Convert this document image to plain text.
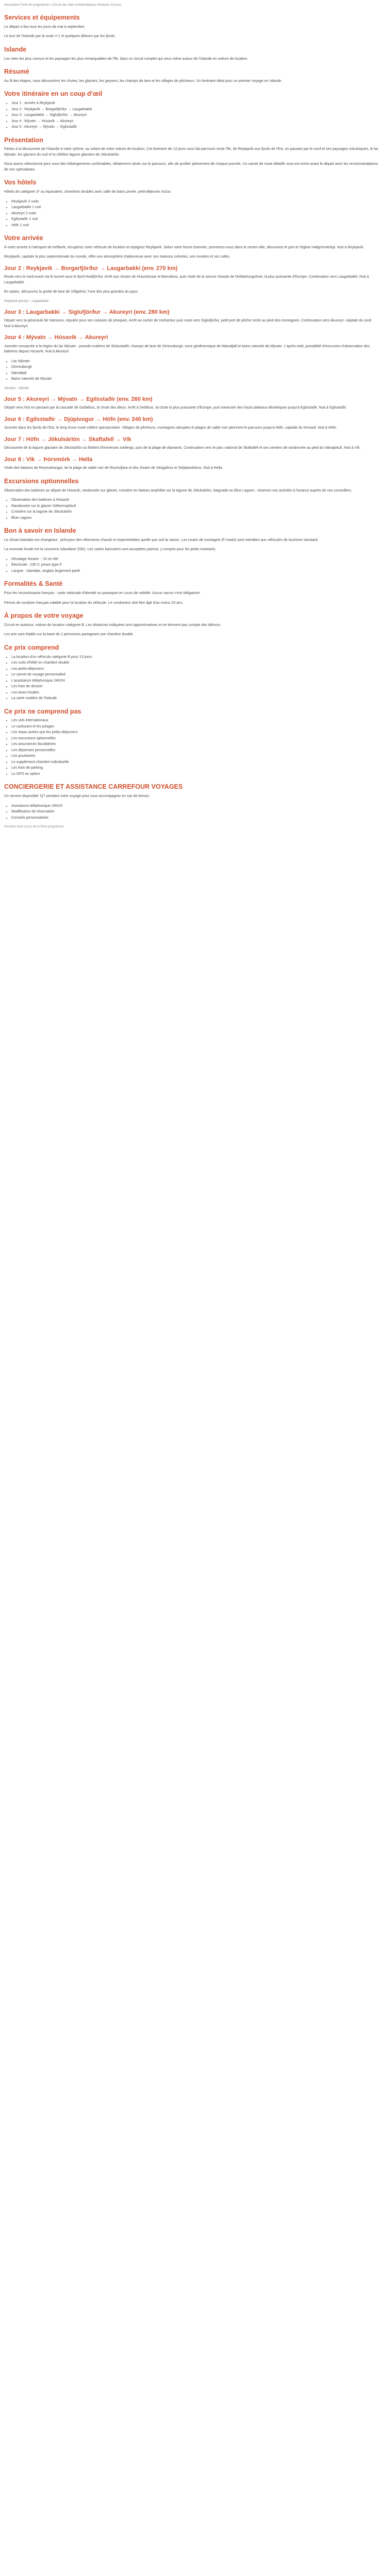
Description Fiche du programme » Circuit des sites emblématiques d'Islande 13 jours
Services et équipements

Le départ a lieu tous les jours de mai à septembre.

Le tour de l'Islande par la route n°1 et quelques détours par les fjords.

Islande

Les sites les plus connus et les paysages les plus remarquables de l'île, dans un circuit complet qui vous mène autour de l'Islande en voiture de location.

Résumé

Au fil des étapes, vous découvrirez les chutes, les glaciers, les geysers, les champs de lave et les villages de pêcheurs. Un itinéraire idéal pour un premier voyage en Islande.

Votre itinéraire en un coup d'œil
• Jour 1 : arrivée à Reykjavík
• Jour 2 : Reykjavík → Borgarfjörður → Laugarbakki
• Jour 3 : Laugarbakki → Siglufjörður → Akureyri
• Jour 4 : Mývatn → Húsavík → Akureyri
• Jour 5 : Akureyri → Mývatn → Egilsstaðir
Présentation

Partez à la découverte de l'Islande à votre rythme, au volant de votre voiture de location. Cet itinéraire de 13 jours vous fait parcourir toute l'île, de Reykjavík aux fjords de l'Est, en passant par le nord et ses paysages volcaniques, le lac Mývatn, les glaciers du sud et la célèbre lagune glaciaire de Jökulsárlón.

Nous avons sélectionné pour vous des hébergements confortables, idéalement situés sur le parcours, afin de profiter pleinement de chaque journée. Un carnet de route détaillé vous est remis avant le départ avec les recommandations de nos spécialistes.

Vos hôtels

Hôtels de catégorie 3* ou équivalent, chambres doubles avec salle de bains privée, petit-déjeuner inclus.

• Reykjavík 2 nuits
• Laugarbakki 1 nuit
• Akureyri 2 nuits
• Egilsstaðir 1 nuit
• Höfn 1 nuit
Votre arrivée

À votre arrivée à l'aéroport de Keflavík, récupérez votre véhicule de location et rejoignez Reykjavík. Selon votre heure d'arrivée, promenez-vous dans le centre-ville, découvrez le port et l'église Hallgrímskirkja. Nuit à Reykjavík.

Reykjavík, capitale la plus septentrionale du monde, offre une atmosphère chaleureuse avec ses maisons colorées, ses musées et ses cafés.

Jour 2 : Reykjavík → Borgarfjörður → Laugarbakki (env. 270 km)

Route vers le nord-ouest via le tunnel sous le fjord Hvalfjörður. Arrêt aux chutes de Hraunfossar et Barnafoss, puis visite de la source chaude de Deildartunguhver, la plus puissante d'Europe. Continuation vers Laugarbakki. Nuit à Laugarbakki.

En option, découvrez la grotte de lave de Víðgelmir, l'une des plus grandes du pays.

Reykjavík (photo) – Laugarbakki
Jour 3 : Laugarbakki → Siglufjörður → Akureyri (env. 280 km)

Départ vers la péninsule de Vatnsnes, réputée pour ses colonies de phoques. Arrêt au rocher de Hvítserkur puis route vers Siglufjörður, petit port de pêche niché au pied des montagnes. Continuation vers Akureyri, capitale du nord. Nuit à Akureyri.

Jour 4 : Mývatn → Húsavík → Akureyri

Journée consacrée à la région du lac Mývatn : pseudo-cratères de Skútustaðir, champs de lave de Dimmuborgir, zone géothermique de Námafjall et bains naturels de Mývatn. L'après-midi, possibilité d'excursion d'observation des baleines depuis Húsavík. Nuit à Akureyri.

• Lac Mývatn
• Dimmuborgir
• Námafjall
• Bains naturels de Mývatn
Akureyri – Mývatn
Jour 5 : Akureyri → Mývatn → Egilsstaðir (env. 260 km)

Départ vers l'est en passant par la cascade de Goðafoss, la chute des dieux. Arrêt à Dettifoss, la chute la plus puissante d'Europe, puis traversée des hauts plateaux désertiques jusqu'à Egilsstaðir. Nuit à Egilsstaðir.

Jour 6 : Egilsstaðir → Djúpivogur → Höfn (env. 240 km)

Journée dans les fjords de l'Est, le long d'une route côtière spectaculaire. Villages de pêcheurs, montagnes abruptes et plages de sable noir jalonnent le parcours jusqu'à Höfn, capitale du homard. Nuit à Höfn.

Jour 7 : Höfn → Jökulsárlón → Skaftafell → Vík

Découverte de la lagune glaciaire de Jökulsárlón où flottent d'immenses icebergs, puis de la plage de diamants. Continuation vers le parc national de Skaftafell et ses sentiers de randonnée au pied du Vatnajökull. Nuit à Vík.

Jour 8 : Vík → Þórsmörk → Hella

Visite des falaises de Reynisdrangar, de la plage de sable noir de Reynisfjara et des chutes de Skógafoss et Seljalandsfoss. Nuit à Hella.

Excursions optionnelles

Observation des baleines au départ de Húsavík, randonnée sur glacier, croisière en bateau amphibie sur la lagune de Jökulsárlón, baignade au Blue Lagoon : réservez vos activités à l'avance auprès de nos conseillers.

• Observation des baleines à Húsavík
• Randonnée sur le glacier Sólheimajökull
• Croisière sur la lagune de Jökulsárlón
• Blue Lagoon
Bon à savoir en Islande

Le climat islandais est changeant : prévoyez des vêtements chauds et imperméables quelle que soit la saison. Les routes de montagne (F-roads) sont interdites aux véhicules de tourisme standard.

La monnaie locale est la couronne islandaise (ISK). Les cartes bancaires sont acceptées partout, y compris pour les petits montants.

• Décalage horaire : -1h en été
• Électricité : 230 V, prises type F
• Langue : islandais, anglais largement parlé
Formalités & Santé

Pour les ressortissants français : carte nationale d'identité ou passeport en cours de validité. Aucun vaccin n'est obligatoire.

Permis de conduire français valable pour la location du véhicule. Le conducteur doit être âgé d'au moins 20 ans.

À propos de votre voyage

Circuit en autotour, voiture de location catégorie B. Les distances indiquées sont approximatives et ne tiennent pas compte des détours.

Les prix sont établis sur la base de 2 personnes partageant une chambre double.

Ce prix comprend
• La location d'un véhicule catégorie B pour 13 jours
• Les nuits d'hôtel en chambre double
• Les petits-déjeuners
• Le carnet de voyage personnalisé
• L'assistance téléphonique 24h/24
• Les frais de dossier
• Les taxes locales
• La carte routière de l'Islande
Ce prix ne comprend pas
• Les vols internationaux
• Le carburant et les péages
• Les repas autres que les petits-déjeuners
• Les excursions optionnelles
• Les assurances facultatives
• Les dépenses personnelles
• Les pourboires
• Le supplément chambre individuelle
• Les frais de parking
• Le GPS en option
CONCIERGERIE ET ASSISTANCE CARREFOUR VOYAGES

Un service disponible 7j/7 pendant votre voyage pour vous accompagner en cas de besoin.

• Assistance téléphonique 24h/24
• Modification de réservation
• Conseils personnalisés
Dernière mise à jour de la fiche programme
